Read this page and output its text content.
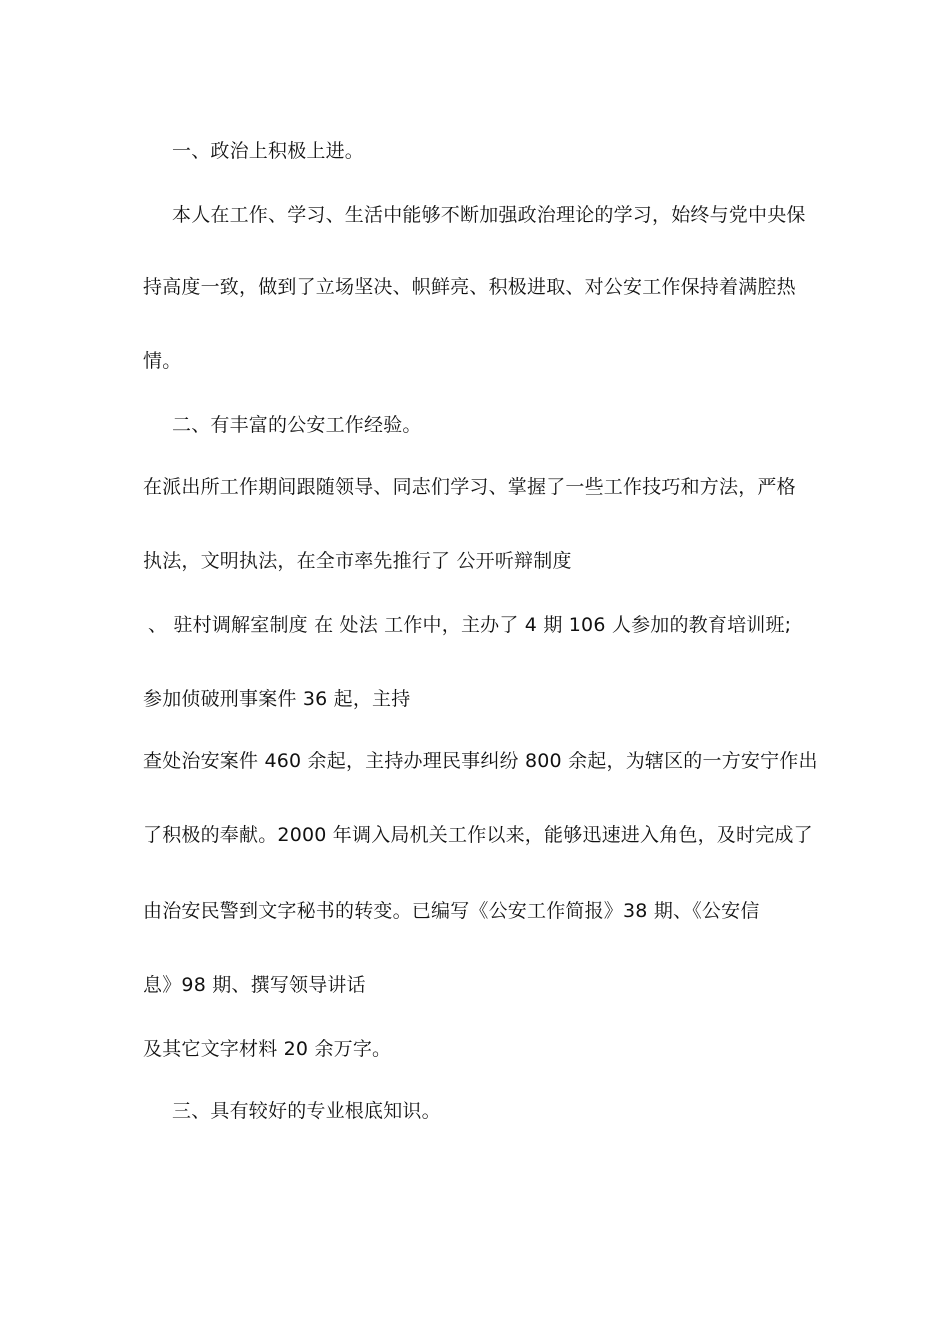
一、政治上积极上进。
本人在工作、学习、生活中能够不断加强政治理论的学习，始终与党中央保
持高度一致，做到了立场坚决、帜鲜亮、积极进取、对公安工作保持着满腔热
情。
二、有丰富的公安工作经验。
在派出所工作期间跟随领导、同志们学习、掌握了一些工作技巧和方法，严格
执法，文明执法，在全市率先推行了 公开听辩制度
、 驻村调解室制度 在 处法 工作中，主办了 4 期 106 人参加的教育培训班;
参加侦破刑事案件 36 起，主持
查处治安案件 460 余起，主持办理民事纠纷 800 余起，为辖区的一方安宁作出
了积极的奉献。2000 年调入局机关工作以来，能够迅速进入角色，及时完成了
由治安民警到文字秘书的转变。已编写《公安工作简报》38 期、《公安信
息》98 期、撰写领导讲话
及其它文字材料 20 余万字。
三、具有较好的专业根底知识。
